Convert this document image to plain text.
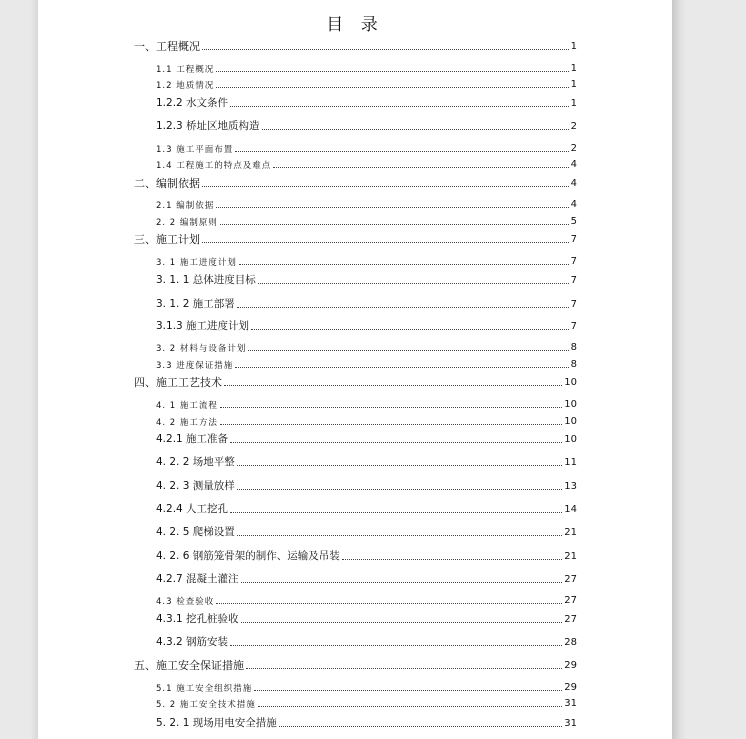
目 录
一、工程概况	1
1.1 工程概况	1
1.2 地质情况	1
1.2.2 水文条件	1
1.2.3 桥址区地质构造	2
1.3 施工平面布置	2
1.4 工程施工的特点及难点	4
二、编制依据	4
2.1 编制依据	4
2. 2 编制原则	5
三、施工计划	7
3. 1 施工进度计划	7
3. 1. 1 总体进度目标	7
3. 1. 2 施工部署	7
3.1.3 施工进度计划	7
3. 2 材料与设备计划	8
3.3 进度保证措施	8
四、施工工艺技术	10
4. 1 施工流程	10
4. 2 施工方法	10
4.2.1 施工准备	10
4. 2. 2 场地平整	11
4. 2. 3 测量放样	13
4.2.4 人工挖孔	14
4. 2. 5 爬梯设置	21
4. 2. 6 钢筋笼骨架的制作、运输及吊装	21
4.2.7 混凝土灌注	27
4.3 检查验收	27
4.3.1 挖孔桩验收	27
4.3.2 钢筋安装	28
五、施工安全保证措施	29
5.1 施工安全组织措施	29
5. 2 施工安全技术措施	31
5. 2. 1 现场用电安全措施	31
